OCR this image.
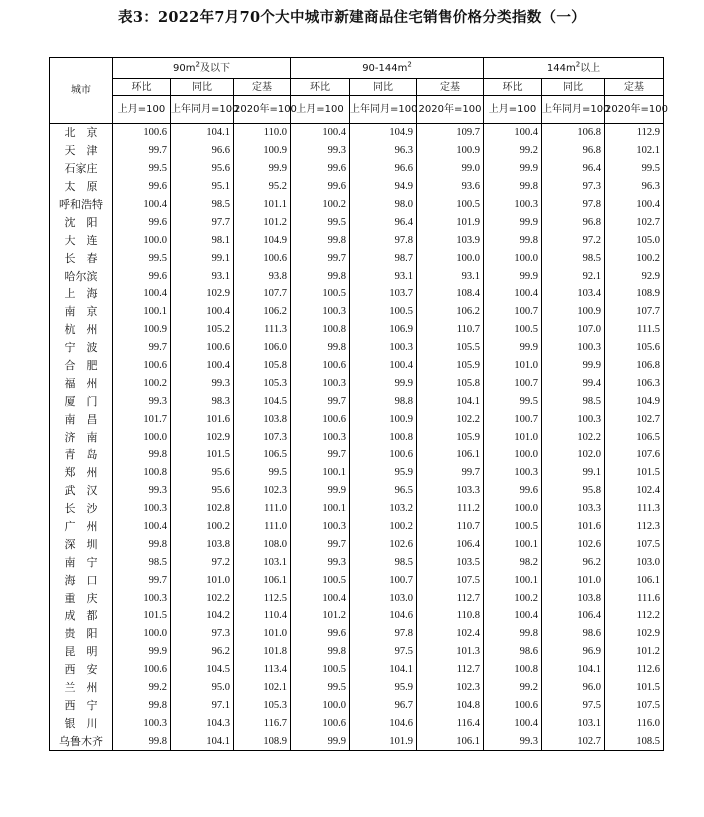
表3：2022年7月70个大中城市新建商品住宅销售价格分类指数（一）
城市	$90m^2$及以下			$90-144m^2$			$144m^2$以上		
	环比	同比	定基	环比	同比	定基	环比	同比	定基
	上月=100	上年同月=100	2020年=100	上月=100	上年同月=100	2020年=100	上月=100	上年同月=100	2020年=100
北　京	100.6	104.1	110.0	100.4	104.9	109.7	100.4	106.8	112.9
天　津	99.7	96.6	100.9	99.3	96.3	100.9	99.2	96.8	102.1
石家庄	99.5	95.6	99.9	99.6	96.6	99.0	99.9	96.4	99.5
太　原	99.6	95.1	95.2	99.6	94.9	93.6	99.8	97.3	96.3
呼和浩特	100.4	98.5	101.1	100.2	98.0	100.5	100.3	97.8	100.4
沈　阳	99.6	97.7	101.2	99.5	96.4	101.9	99.9	96.8	102.7
大　连	100.0	98.1	104.9	99.8	97.8	103.9	99.8	97.2	105.0
长　春	99.5	99.1	100.6	99.7	98.7	100.0	100.0	98.5	100.2
哈尔滨	99.6	93.1	93.8	99.8	93.1	93.1	99.9	92.1	92.9
上　海	100.4	102.9	107.7	100.5	103.7	108.4	100.4	103.4	108.9
南　京	100.1	100.4	106.2	100.3	100.5	106.2	100.7	100.9	107.7
杭　州	100.9	105.2	111.3	100.8	106.9	110.7	100.5	107.0	111.5
宁　波	99.7	100.6	106.0	99.8	100.3	105.5	99.9	100.3	105.6
合　肥	100.6	100.4	105.8	100.6	100.4	105.9	101.0	99.9	106.8
福　州	100.2	99.3	105.3	100.3	99.9	105.8	100.7	99.4	106.3
厦　门	99.3	98.3	104.5	99.7	98.8	104.1	99.5	98.5	104.9
南　昌	101.7	101.6	103.8	100.6	100.9	102.2	100.7	100.3	102.7
济　南	100.0	102.9	107.3	100.3	100.8	105.9	101.0	102.2	106.5
青　岛	99.8	101.5	106.5	99.7	100.6	106.1	100.0	102.0	107.6
郑　州	100.8	95.6	99.5	100.1	95.9	99.7	100.3	99.1	101.5
武　汉	99.3	95.6	102.3	99.9	96.5	103.3	99.6	95.8	102.4
长　沙	100.3	102.8	111.0	100.1	103.2	111.2	100.0	103.3	111.3
广　州	100.4	100.2	111.0	100.3	100.2	110.7	100.5	101.6	112.3
深　圳	99.8	103.8	108.0	99.7	102.6	106.4	100.1	102.6	107.5
南　宁	98.5	97.2	103.1	99.3	98.5	103.5	98.2	96.2	103.0
海　口	99.7	101.0	106.1	100.5	100.7	107.5	100.1	101.0	106.1
重　庆	100.3	102.2	112.5	100.4	103.0	112.7	100.2	103.8	111.6
成　都	101.5	104.2	110.4	101.2	104.6	110.8	100.4	106.4	112.2
贵　阳	100.0	97.3	101.0	99.6	97.8	102.4	99.8	98.6	102.9
昆　明	99.9	96.2	101.8	99.8	97.5	101.3	98.6	96.9	101.2
西　安	100.6	104.5	113.4	100.5	104.1	112.7	100.8	104.1	112.6
兰　州	99.2	95.0	102.1	99.5	95.9	102.3	99.2	96.0	101.5
西　宁	99.8	97.1	105.3	100.0	96.7	104.8	100.6	97.5	107.5
银　川	100.3	104.3	116.7	100.6	104.6	116.4	100.4	103.1	116.0
乌鲁木齐	99.8	104.1	108.9	99.9	101.9	106.1	99.3	102.7	108.5
